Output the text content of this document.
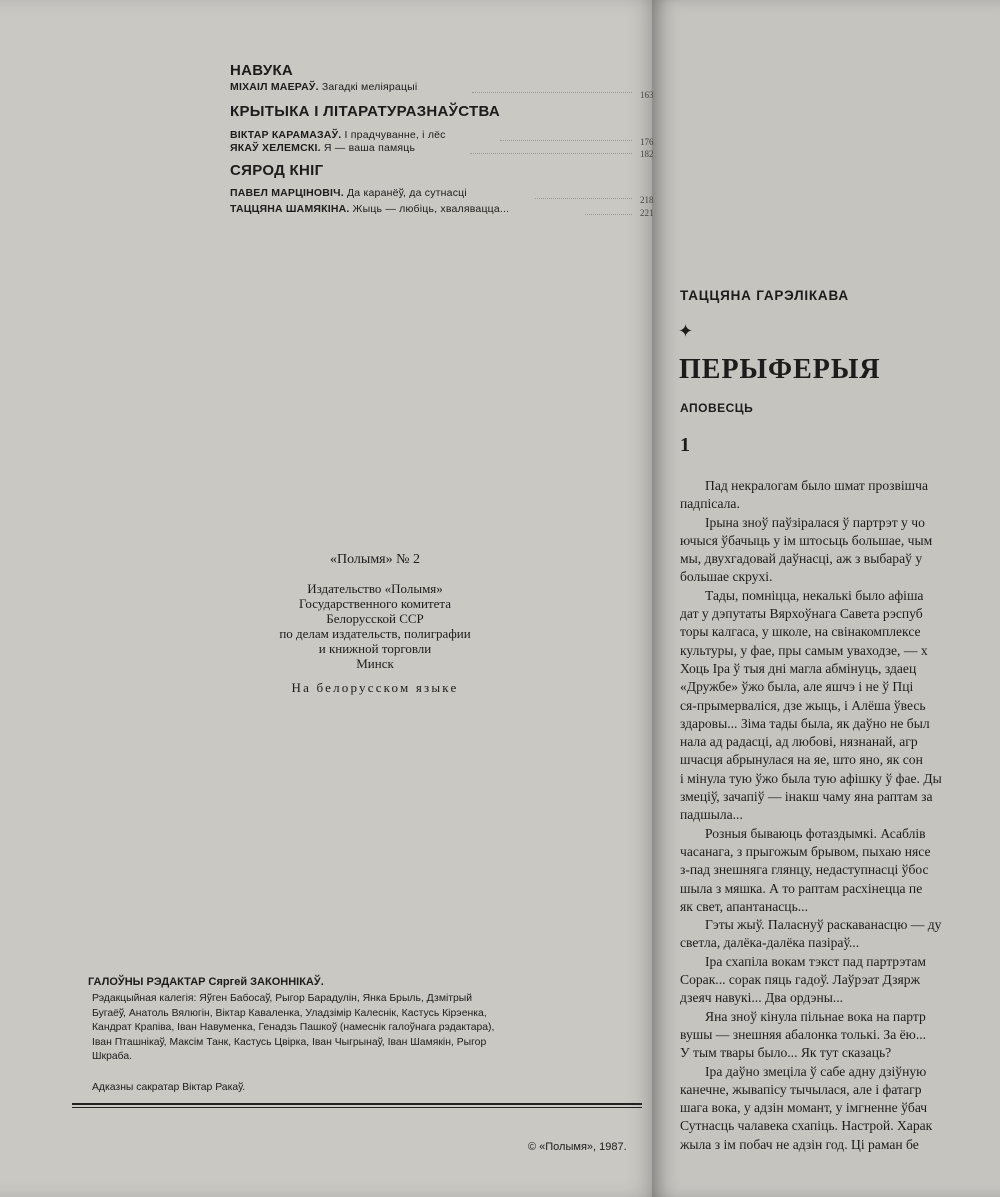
НАВУКА
МІХАІЛ МАЕРАЎ. Загадкі меліярацыі
163
КРЫТЫКА І ЛІТАРАТУРАЗНАЎСТВА
ВІКТАР КАРАМАЗАЎ. І прадчуванне, і лёс
176
ЯКАЎ ХЕЛЕМСКІ. Я — ваша памяць	182
СЯРОД КНІГ
ПАВЕЛ МАРЦІНОВІЧ. Да каранёў, да сутнасці
218
ТАЦЦЯНА ШАМЯКІНА. Жыць — любіць, хвалявацца...	221
«Полымя» № 2
Издательство «Полымя»
Государственного комитета
Белорусской ССР
по делам издательств, полиграфии
и книжной торговли
Минск
На белорусском языке
ГАЛОЎНЫ РЭДАКТАР Сяргей ЗАКОННІКАЎ.
Рэдакцыйная калегія: Яўген Бабосаў, Рыгор Барадулін, Янка Брыль, Дзмітрый
Бугаёў, Анатоль Вялюгін, Віктар Каваленка, Уладзімір Калеснік, Кастусь Кірэенка,
Кандрат Крапіва, Іван Навуменка, Генадзь Пашкоў (намеснік галоўнага рэдактара),
Іван Пташнікаў, Максім Танк, Кастусь Цвірка, Іван Чыгрынаў, Іван Шамякін, Рыгор
Шкраба.
Адказны сакратар Віктар Ракаў.
© «Полымя», 1987.
ТАЦЦЯНА ГАРЭЛІКАВА
✦
ПЕРЫФЕРЫЯ
АПОВЕСЦЬ
1
Пад некралогам было шмат прозвішча
падпісала.
Ірына зноў паўзіралася ў партрэт у чо
ючыся ўбачыць у ім штосьць большае, чым
мы, двухгадовай даўнасці, аж з выбараў у
большае скрухі.
Тады, помніцца, некалькі было афіша
дат у дэпутаты Вярхоўнага Савета рэспуб
торы калгаса, у школе, на свінакомплексе
культуры, у фае, пры самым уваходзе, — х
Хоць Іра ў тыя дні магла абмінуць, здаец
«Дружбе» ўжо была, але яшчэ і не ў Пці
ся-прымерваліся, дзе жыць, і Алёша ўвесь
здаровы... Зіма тады была, як даўно не был
нала ад радасці, ад любові, нязнанай, агр
шчасця абрынулася на яе, што яно, як сон
і мінула тую ўжо была тую афішку ў фае. Ды
змеціў, зачапіў — інакш чаму яна раптам за
падшыла...
Розныя бываюць фотаздымкі. Асаблів
часанага, з прыгожым брывом, пыхаю нясе
з-пад знешняга глянцу, недаступнасці ўбос
шыла з мяшка. А то раптам расхінецца пе
як свет, апантанасць...
Гэты жыў. Паласнуў раскаванасцю — ду
светла, далёка-далёка пазіраў...
Іра схапіла вокам тэкст пад партрэтам
Сорак... сорак пяць гадоў. Лаўрэат Дзярж
дзеяч навукі... Два ордэны...
Яна зноў кінула пільнае вока на партр
вушы — знешняя абалонка толькі. За ёю...
У тым твары было... Як тут сказаць?
Іра даўно змеціла ў сабе адну дзіўную
канечне, жывапісу тычылася, але і фатагр
шага вока, у адзін момант, у імгненне ўбач
Сутнасць чалавека схапіць. Настрой. Харак
жыла з ім побач не адзін год. Ці раман бе
